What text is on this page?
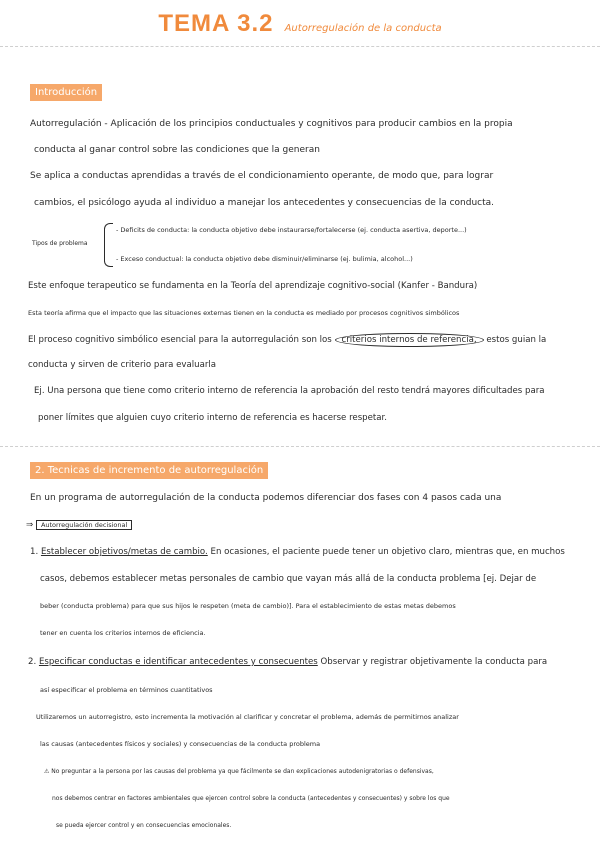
TEMA 3.2 Autorregulación de la conducta
Introducción
Autorregulación - Aplicación de los principios conductuales y cognitivos para producir cambios en la propia
conducta al ganar control sobre las condiciones que la generan
Se aplica a conductas aprendidas a través de el condicionamiento operante, de modo que, para lograr
cambios, el psicólogo ayuda al individuo a manejar los antecedentes y consecuencias de la conducta.
Tipos de problema
- Deficits de conducta: la conducta objetivo debe instaurarse/fortalecerse (ej. conducta asertiva, deporte...)
- Exceso conductual: la conducta objetivo debe disminuir/eliminarse (ej. bulimia, alcohol...)
Este enfoque terapeutico se fundamenta en la Teoría del aprendizaje cognitivo-social (Kanfer - Bandura)
Esta teoría afirma que el impacto que las situaciones externas tienen en la conducta es mediado por procesos cognitivos simbólicos
El proceso cognitivo simbólico esencial para la autorregulación son los criterios internos de referencia, estos guian la
conducta y sirven de criterio para evaluarla
Ej. Una persona que tiene como criterio interno de referencia la aprobación del resto tendrá mayores dificultades para
poner límites que alguien cuyo criterio interno de referencia es hacerse respetar.
2. Tecnicas de incremento de autorregulación
En un programa de autorregulación de la conducta podemos diferenciar dos fases con 4 pasos cada una
⇒ Autorregulación decisional
1. Establecer objetivos/metas de cambio. En ocasiones, el paciente puede tener un objetivo claro, mientras que, en muchos
casos, debemos establecer metas personales de cambio que vayan más allá de la conducta problema [ej. Dejar de
beber (conducta problema) para que sus hijos le respeten (meta de cambio)]. Para el establecimiento de estas metas debemos
tener en cuenta los criterios internos de eficiencia.
2. Especificar conductas e identificar antecedentes y consecuentes Observar y registrar objetivamente la conducta para
así especificar el problema en términos cuantitativos
Utilizaremos un autorregistro, esto incrementa la motivación al clarificar y concretar el problema, además de permitirnos analizar
las causas (antecedentes físicos y sociales) y consecuencias de la conducta problema
⚠ No preguntar a la persona por las causas del problema ya que fácilmente se dan explicaciones autodenigratorias o defensivas,
nos debemos centrar en factores ambientales que ejercen control sobre la conducta (antecedentes y consecuentes) y sobre los que
se pueda ejercer control y en consecuencias emocionales.
